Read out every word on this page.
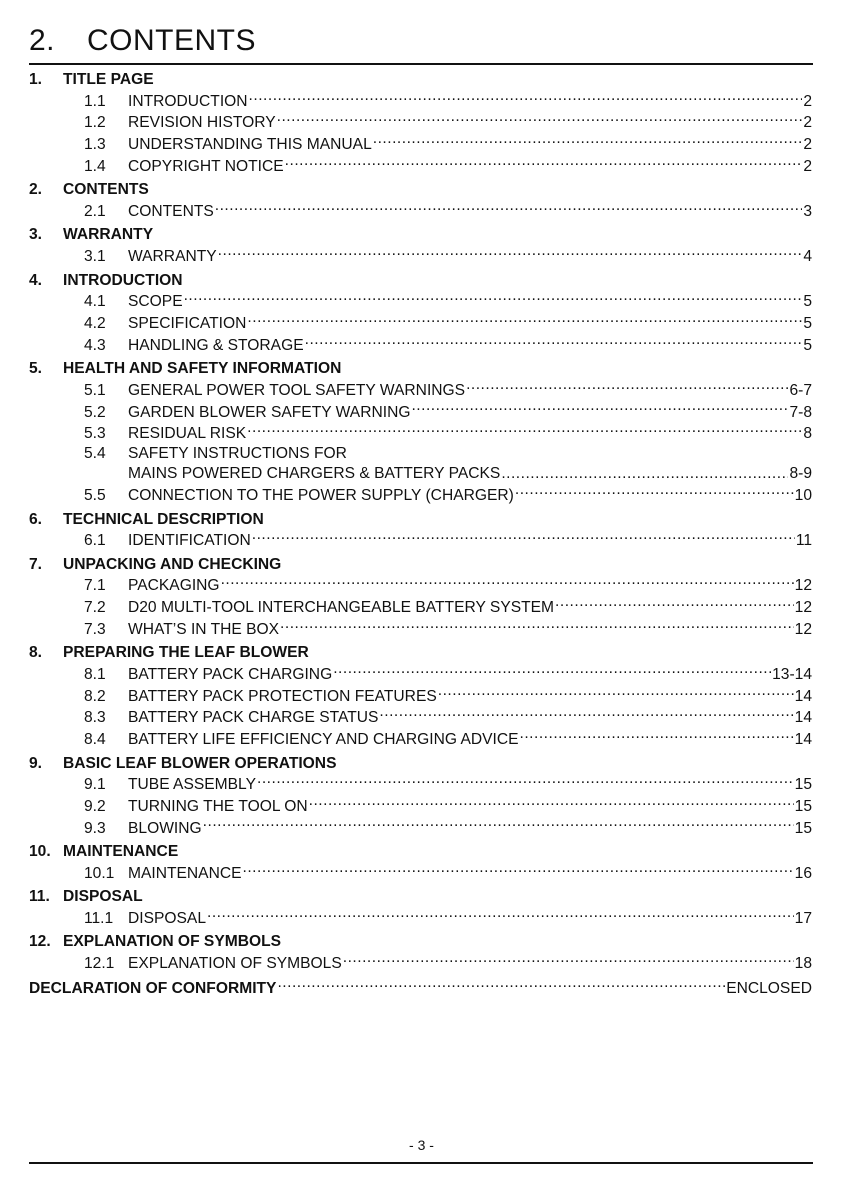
2. CONTENTS
1.	TITLE PAGE
1.1	INTRODUCTION .....	2
1.2	REVISION HISTORY .....	2
1.3	UNDERSTANDING THIS MANUAL .....	2
1.4	COPYRIGHT NOTICE .....	2
2.	CONTENTS
2.1	CONTENTS .....	3
3.	WARRANTY
3.1	WARRANTY .....	4
4.	INTRODUCTION
4.1	SCOPE .....	5
4.2	SPECIFICATION .....	5
4.3	HANDLING & STORAGE .....	5
5.	HEALTH AND SAFETY INFORMATION
5.1	GENERAL POWER TOOL SAFETY WARNINGS .....	6-7
5.2	GARDEN BLOWER SAFETY WARNING .....	7-8
5.3	RESIDUAL RISK .....	8
5.4	SAFETY INSTRUCTIONS FOR
MAINS POWERED CHARGERS & BATTERY PACKS .....	8-9
5.5	CONNECTION TO THE POWER SUPPLY (CHARGER) .....	10
6.	TECHNICAL DESCRIPTION
6.1	IDENTIFICATION .....	11
7.	UNPACKING AND CHECKING
7.1	PACKAGING .....	12
7.2	D20 MULTI-TOOL INTERCHANGEABLE BATTERY SYSTEM .....	12
7.3	WHAT’S IN THE BOX .....	12
8.	PREPARING THE LEAF BLOWER
8.1	BATTERY PACK CHARGING .....	13-14
8.2	BATTERY PACK PROTECTION FEATURES .....	14
8.3	BATTERY PACK CHARGE STATUS .....	14
8.4	BATTERY LIFE EFFICIENCY AND CHARGING ADVICE .....	14
9.	BASIC LEAF BLOWER OPERATIONS
9.1	TUBE ASSEMBLY .....	15
9.2	TURNING THE TOOL ON .....	15
9.3	BLOWING .....	15
10. MAINTENANCE
10.1 MAINTENANCE .....	16
11. DISPOSAL
11.1 DISPOSAL .....	17
12. EXPLANATION OF SYMBOLS
12.1 EXPLANATION OF SYMBOLS .....	18
DECLARATION OF CONFORMITY .....	ENCLOSED
- 3 -
